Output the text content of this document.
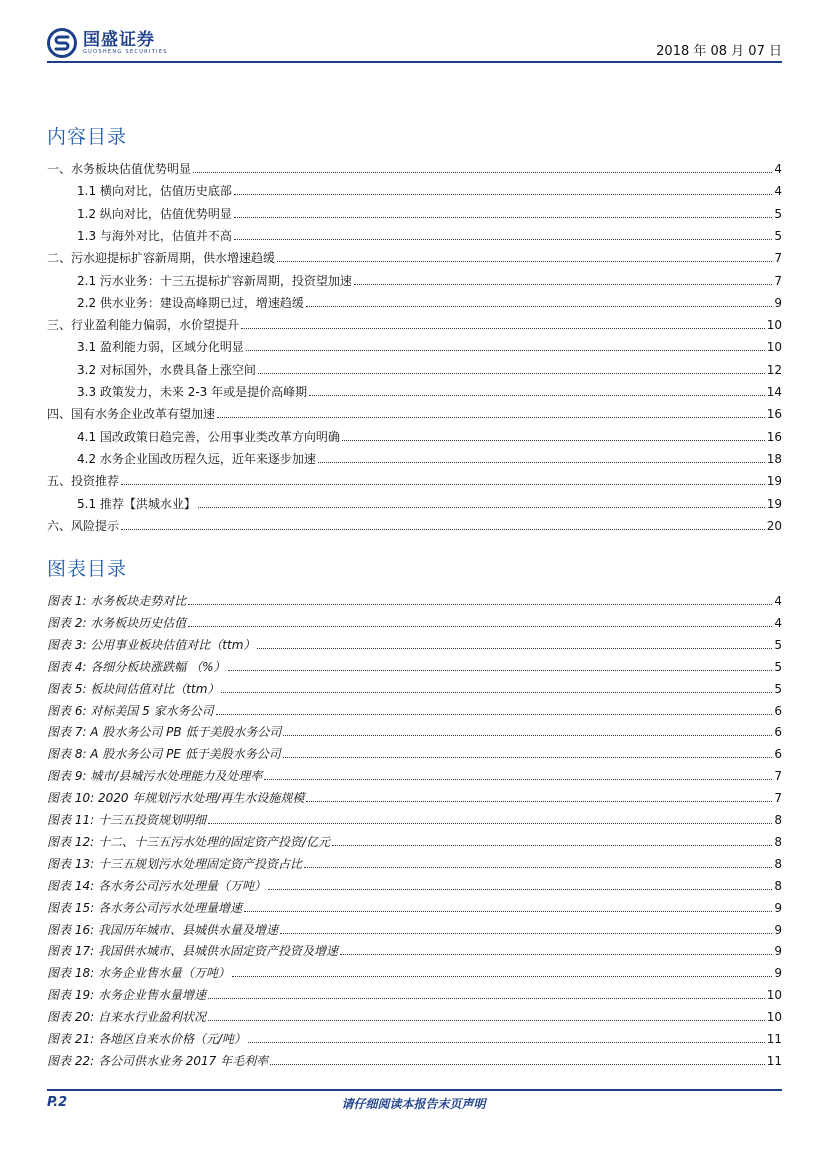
国盛证券
GUOSHENG SECURITIES	2018 年 08 月 07 日
内容目录
一、水务板块估值优势明显	4
1.1 横向对比，估值历史底部	4
1.2 纵向对比，估值优势明显	5
1.3 与海外对比，估值并不高	5
二、污水迎提标扩容新周期，供水增速趋缓	7
2.1 污水业务：十三五提标扩容新周期，投资望加速	7
2.2 供水业务：建设高峰期已过，增速趋缓	9
三、行业盈利能力偏弱，水价望提升	10
3.1 盈利能力弱，区域分化明显	10
3.2 对标国外，水费具备上涨空间	12
3.3 政策发力，未来 2-3 年或是提价高峰期	14
四、国有水务企业改革有望加速	16
4.1 国改政策日趋完善，公用事业类改革方向明确	16
4.2 水务企业国改历程久远，近年来逐步加速	18
五、投资推荐	19
5.1 推荐【洪城水业】	19
六、风险提示	20
图表目录
图表 1: 水务板块走势对比	4
图表 2: 水务板块历史估值	4
图表 3: 公用事业板块估值对比（ttm）	5
图表 4: 各细分板块涨跌幅 （%）	5
图表 5: 板块间估值对比（ttm）	5
图表 6: 对标美国 5 家水务公司	6
图表 7: A 股水务公司 PB 低于美股水务公司	6
图表 8: A 股水务公司 PE 低于美股水务公司	6
图表 9: 城市/县城污水处理能力及处理率	7
图表 10: 2020 年规划污水处理/再生水设施规模	7
图表 11: 十三五投资规划明细	8
图表 12: 十二、十三五污水处理的固定资产投资/亿元	8
图表 13: 十三五规划污水处理固定资产投资占比	8
图表 14: 各水务公司污水处理量（万吨）	8
图表 15: 各水务公司污水处理量增速	9
图表 16: 我国历年城市、县城供水量及增速	9
图表 17: 我国供水城市、县城供水固定资产投资及增速	9
图表 18: 水务企业售水量（万吨）	9
图表 19: 水务企业售水量增速	10
图表 20: 自来水行业盈利状况	10
图表 21: 各地区自来水价格（元/吨）	11
图表 22: 各公司供水业务 2017 年毛利率	11
请仔细阅读本报告末页声明
P.2
